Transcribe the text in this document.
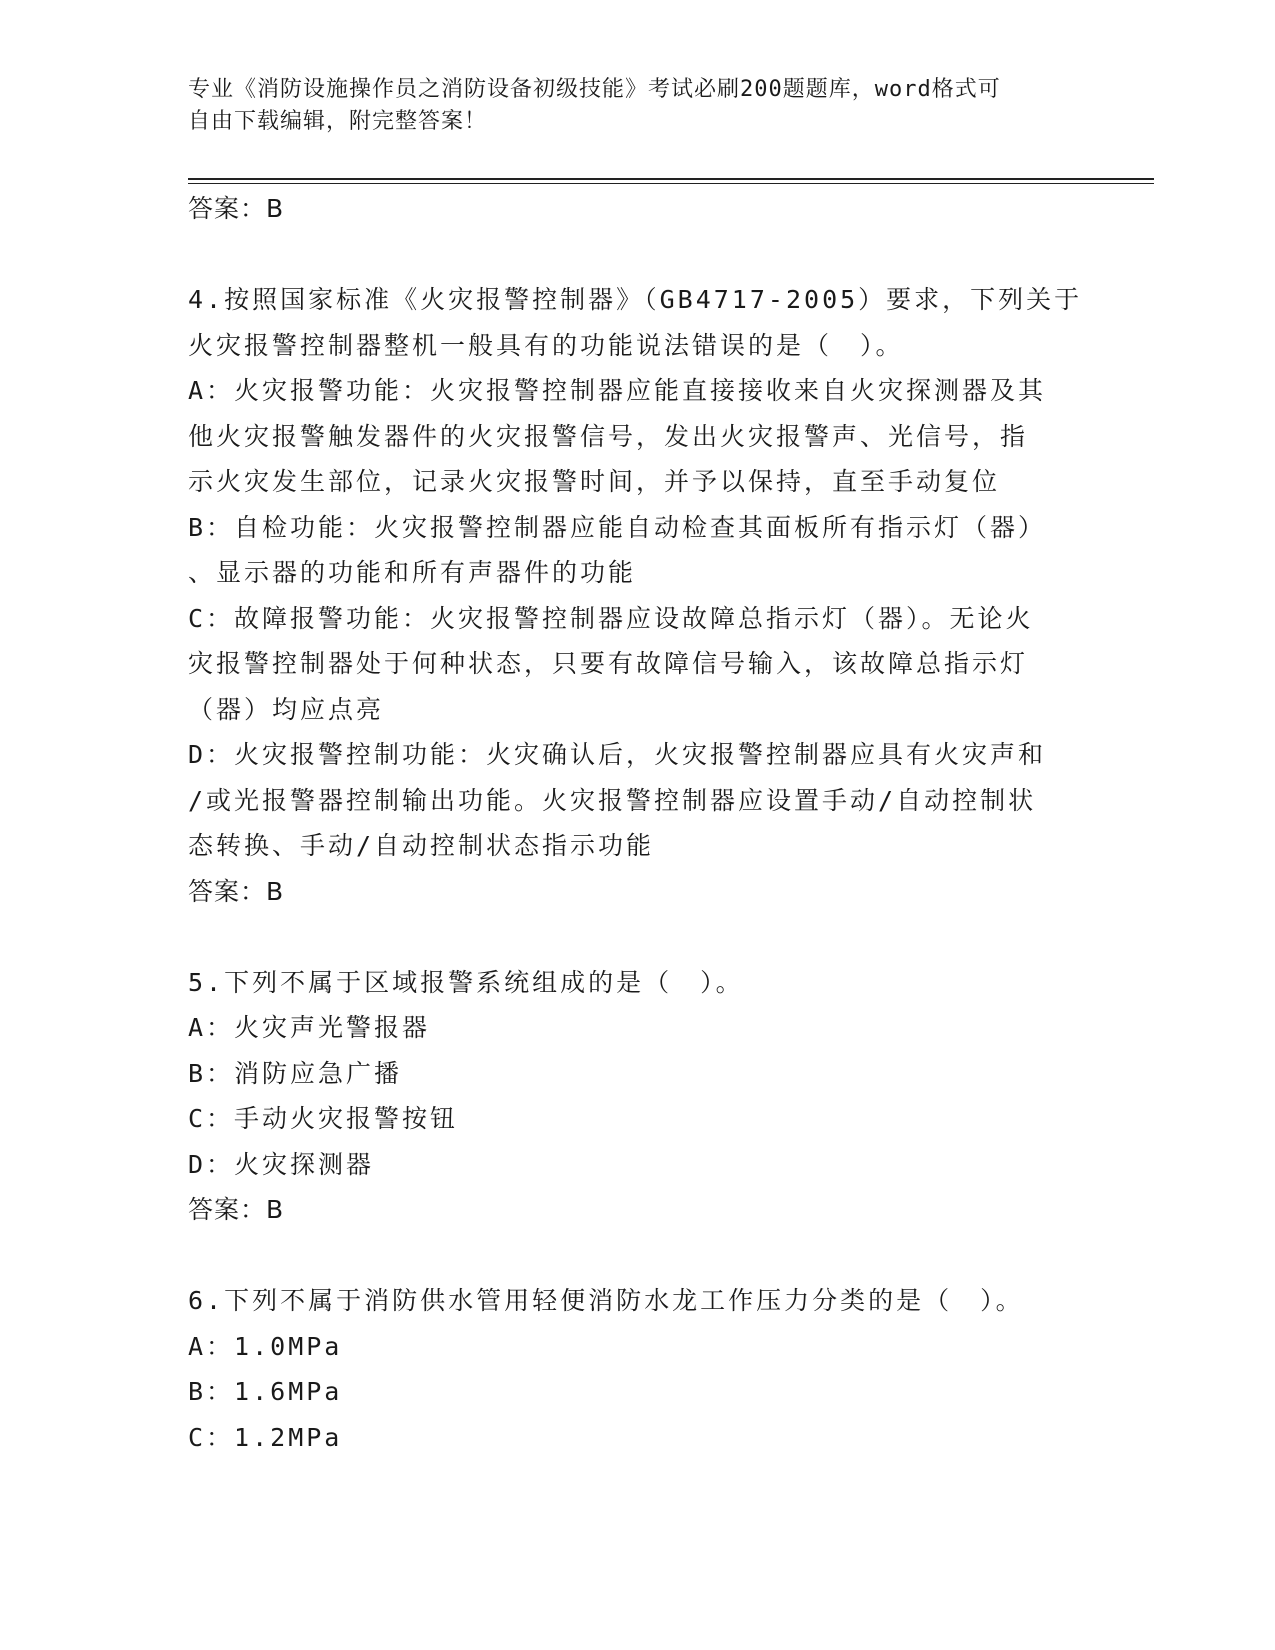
专业《消防设施操作员之消防设备初级技能》考试必刷200题题库，word格式可
自由下载编辑，附完整答案！
答案：B
4.按照国家标准《火灾报警控制器》（GB4717-2005）要求，下列关于
火灾报警控制器整机一般具有的功能说法错误的是（　）。
A：火灾报警功能：火灾报警控制器应能直接接收来自火灾探测器及其
他火灾报警触发器件的火灾报警信号，发出火灾报警声、光信号，指
示火灾发生部位，记录火灾报警时间，并予以保持，直至手动复位
B：自检功能：火灾报警控制器应能自动检查其面板所有指示灯（器）
、显示器的功能和所有声器件的功能
C：故障报警功能：火灾报警控制器应设故障总指示灯（器）。无论火
灾报警控制器处于何种状态，只要有故障信号输入，该故障总指示灯
（器）均应点亮
D：火灾报警控制功能：火灾确认后，火灾报警控制器应具有火灾声和
/或光报警器控制输出功能。火灾报警控制器应设置手动/自动控制状
态转换、手动/自动控制状态指示功能
答案：B
5.下列不属于区域报警系统组成的是（　）。
A：火灾声光警报器
B：消防应急广播
C：手动火灾报警按钮
D：火灾探测器
答案：B
6.下列不属于消防供水管用轻便消防水龙工作压力分类的是（　）。
A：1.0MPa
B：1.6MPa
C：1.2MPa
